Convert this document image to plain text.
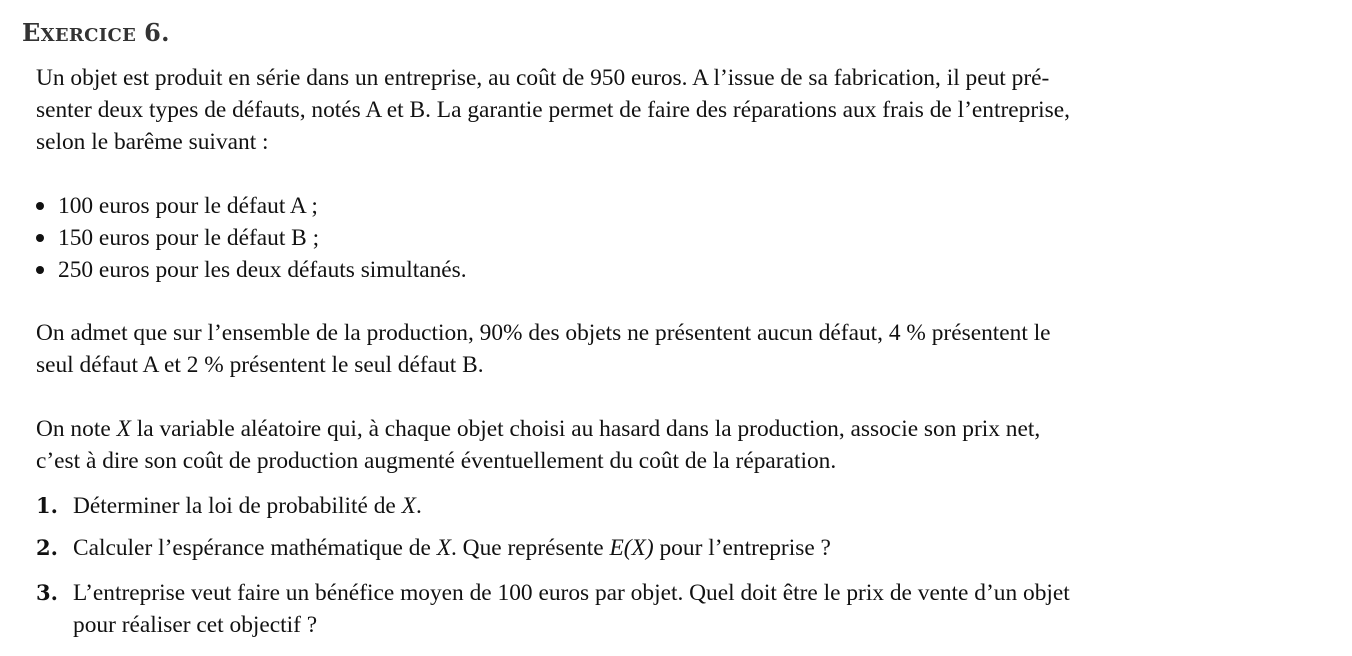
EXERCICE 6.
Un objet est produit en série dans un entreprise, au coût de 950 euros. A l’issue de sa fabrication, il peut pré-
senter deux types de défauts, notés A et B. La garantie permet de faire des réparations aux frais de l’entreprise,
selon le barême suivant :
100 euros pour le défaut A ;
150 euros pour le défaut B ;
250 euros pour les deux défauts simultanés.
On admet que sur l’ensemble de la production, 90% des objets ne présentent aucun défaut, 4 % présentent le
seul défaut A et 2 % présentent le seul défaut B.
On note X la variable aléatoire qui, à chaque objet choisi au hasard dans la production, associe son prix net,
c’est à dire son coût de production augmenté éventuellement du coût de la réparation.
1. Déterminer la loi de probabilité de X.
2. Calculer l’espérance mathématique de X. Que représente E(X) pour l’entreprise ?
3. L’entreprise veut faire un bénéfice moyen de 100 euros par objet. Quel doit être le prix de vente d’un objet
pour réaliser cet objectif ?
